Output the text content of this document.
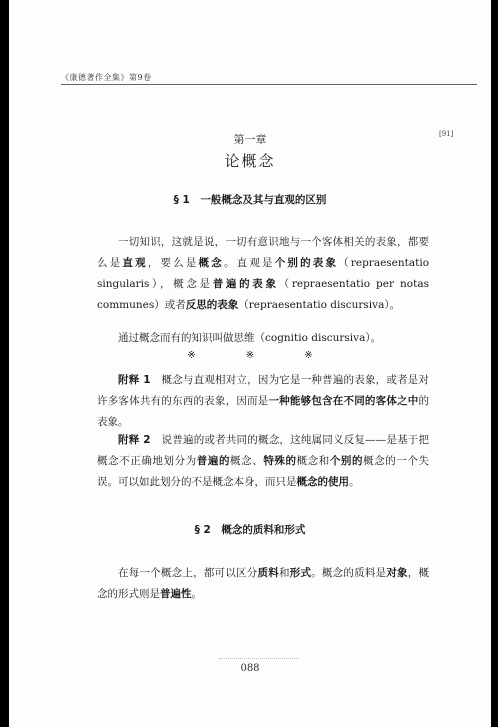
《康德著作全集》第9卷
[91]
第一章
论概念
§ 1　一般概念及其与直观的区别
一切知识，这就是说，一切有意识地与一个客体相关的表象，都要么是直观，要么是概念。直观是个别的表象（repraesentatio singularis），概念是普遍的表象（repraesentatio per notas communes）或者反思的表象（repraesentatio discursiva）。
通过概念而有的知识叫做思维（cognitio discursiva）。
※	※	※
附释 1　 概念与直观相对立，因为它是一种普遍的表象，或者是对许多客体共有的东西的表象，因而是一种能够包含在不同的客体之中的表象。
附释 2　 说普遍的或者共同的概念，这纯属同义反复——是基于把概念不正确地划分为普遍的概念、特殊的概念和个别的概念的一个失误。可以如此划分的不是概念本身，而只是概念的使用。
§ 2　概念的质料和形式
在每一个概念上，都可以区分质料和形式。概念的质料是对象，概念的形式则是普遍性。
088
